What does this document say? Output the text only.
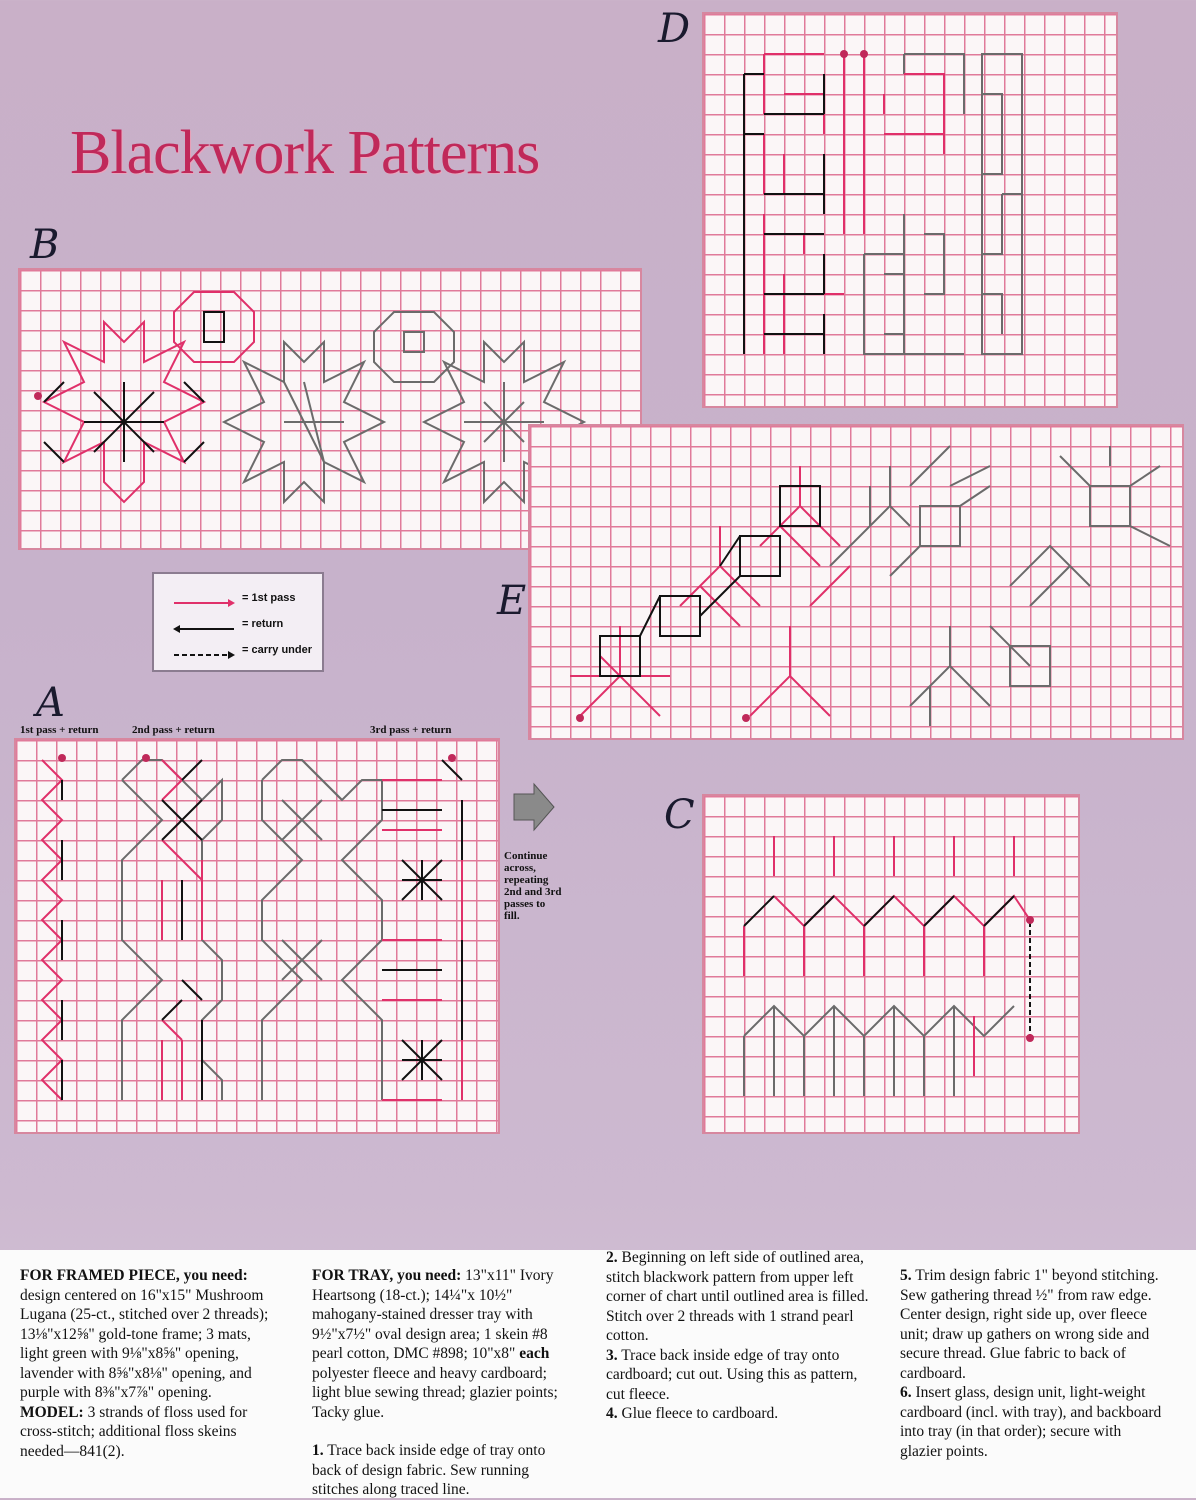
Blackwork Patterns
D
B
E
A
C
= 1st pass
= return
= carry under
1st pass + return	2nd pass + return	3rd pass + return
Continue across, repeating 2nd and 3rd passes to fill.

FOR FRAMED PIECE, you need: design centered on 16"x15" Mushroom Lugana (25-ct., stitched over 2 threads); 13⅛"x12⅝" gold-tone frame; 3 mats, light green with 9⅛"x8⅝" opening, lavender with 8⅝"x8⅛" opening, and purple with 8⅜"x7⅞" opening.

MODEL: 3 strands of floss used for cross-stitch; additional floss skeins needed—841(2).

FOR TRAY, you need: 13"x11" Ivory Heartsong (18-ct.); 14¼"x 10½" mahogany-stained dresser tray with 9½"x7½" oval design area; 1 skein #8 pearl cotton, DMC #898; 10"x8" each polyester fleece and heavy cardboard; light blue sewing thread; glazier points; Tacky glue.

1. Trace back inside edge of tray onto back of design fabric. Sew running stitches along traced line.

2. Beginning on left side of outlined area, stitch blackwork pattern from upper left corner of chart until outlined area is filled. Stitch over 2 threads with 1 strand pearl cotton.

3. Trace back inside edge of tray onto cardboard; cut out. Using this as pattern, cut fleece.

4. Glue fleece to cardboard.

5. Trim design fabric 1" beyond stitching. Sew gathering thread ½" from raw edge. Center design, right side up, over fleece unit; draw up gathers on wrong side and secure thread. Glue fabric to back of cardboard.

6. Insert glass, design unit, light-weight cardboard (incl. with tray), and backboard into tray (in that order); secure with glazier points.
